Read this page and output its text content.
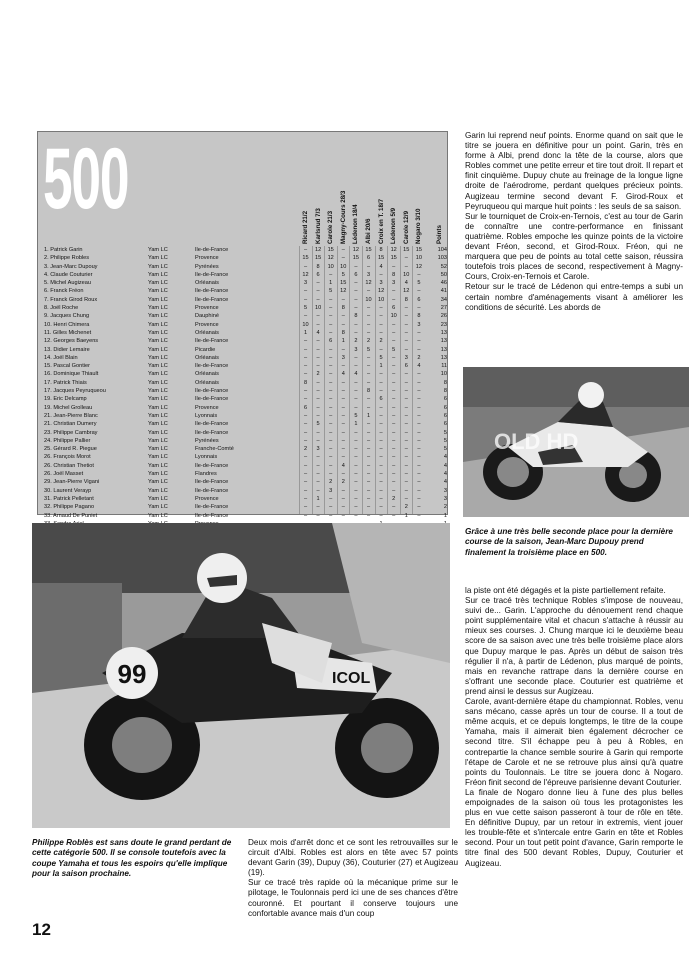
500
Ricard 21/2 Karlsrud 7/3 Carole 21/3 Magny-Cours 28/3 Lédenon 18/4 Albi 20/6 Croix en T. 18/7 Lédenon 5/9 Carole 12/9 Nogaro 3/10 Points
1. Patrick Garin	Yam LC	Ile-de-France	–	12	15	–	12	15	8	12	15	15	104
2. Philippe Robles	Yam LC	Provence	15	15	12	–	15	6	15	15	–	10	103
3. Jean-Marc Dupouy	Yam LC	Pyrénées	–	8	10	10	–	–	4	–	–	12	52
4. Claude Couturier	Yam LC	Ile-de-France	12	6	–	5	6	3	–	8	10	–	50
5. Michel Augizeau	Yam LC	Orléanais	3	–	1	15	–	12	3	3	4	5	46
6. Franck Fréon	Yam LC	Ile-de-France	–	–	5	12	–	–	12	–	12	–	41
7. Franck Girod Roux	Yam LC	Ile-de-France	–	–	–	–	–	10	10	–	8	6	34
8. Joël Roche	Yam LC	Provence	5	10	–	8	–	–	–	6	–	–	27
9. Jacques Chung	Yam LC	Dauphiné	–	–	–	–	8	–	–	10	–	8	26
10. Henri Chimera	Yam LC	Provence	10	–	–	–	–	–	–	–	–	3	23
11. Gilles Michenet	Yam LC	Orléanais	1	4	–	8	–	–	–	–	–	–	13
12. Georges Baeyens	Yam LC	Ile-de-France	–	–	6	1	2	2	2	–	–	–	13
13. Didier Lemaire	Yam LC	Picardie	–	–	–	–	3	5	–	5	–	–	13
14. Joël Blain	Yam LC	Orléanais	–	–	–	3	–	–	5	–	3	2	13
15. Pascal Gontier	Yam LC	Ile-de-France	–	–	–	–	–	–	1	–	6	4	11
16. Dominique Thiault	Yam LC	Orléanais	–	2	–	4	4	–	–	–	–	–	10
17. Patrick Thiais	Yam LC	Orléanais	8	–	–	–	–	–	–	–	–	–	8
17. Jacques Peyruqueou	Yam LC	Ile-de-France	–	–	–	–	–	8	–	–	–	–	8
19. Eric Delcamp	Yam LC	Ile-de-France	–	–	–	–	–	–	6	–	–	–	6
19. Michel Grolleau	Yam LC	Provence	6	–	–	–	–	–	–	–	–	–	6
21. Jean-Pierre Blanc	Yam LC	Lyonnais	–	–	–	–	5	1	–	–	–	–	6
21. Christian Dumery	Yam LC	Ile-de-France	–	5	–	–	1	–	–	–	–	–	6
23. Philippe Cambray	Yam LC	Ile-de-France	–	–	–	–	–	–	–	–	–	–	5
24. Philippe Pallier	Yam LC	Pyrénées	–	–	–	–	–	–	–	–	–	–	5
25. Gérard R. Piegue	Yam LC	Franche-Comté	2	3	–	–	–	–	–	–	–	–	5
26. François Morot	Yam LC	Lyonnais	–	–	–	–	–	–	–	–	–	–	4
26. Christian Thetiot	Yam LC	Ile-de-France	–	–	–	4	–	–	–	–	–	–	4
26. Joël Masset	Yam LC	Flandres	–	–	–	–	–	–	–	–	–	–	4
29. Jean-Pierre Vigani	Yam LC	Ile-de-France	–	–	2	2	–	–	–	–	–	–	4
30. Laurent Verayp	Yam LC	Ile-de-France	–	–	3	–	–	–	–	–	–	–	3
31. Patrick Pelletant	Yam LC	Provence	–	1	–	–	–	–	–	2	–	–	3
32. Philippe Pagano	Yam LC	Ile-de-France	–	–	–	–	–	–	–	–	2	–	2
33. Arnaud De Puniet	Yam LC	Ile-de-France	–	–	–	–	–	–	–	–	1	–	1

Garin lui reprend neuf points. Enorme quand on sait que le titre se jouera en définitive pour un point. Garin, très en forme à Albi, prend donc la tête de la course, alors que Robles commet une petite erreur et tire tout droit. Il repart et finit cinquième. Dupuy chute au freinage de la longue ligne droite de l'aérodrome, perdant quelques précieux points. Augizeau termine second devant F. Girod-Roux et Peyruqueou qui marque huit points : les seuls de sa saison.

Sur le tourniquet de Croix-en-Ternois, c'est au tour de Garin de connaître une contre-performance en finissant quatrième. Robles empoche les quinze points de la victoire devant Fréon, second, et Girod-Roux. Fréon, qui ne marquera que peu de points au total cette saison, réussira toutefois trois places de second, respectivement à Magny-Cours, Croix-en-Ternois et Carole.

Retour sur le tracé de Lédenon qui entre-temps a subi un certain nombre d'aménagements visant à améliorer les conditions de sécurité. Les abords de

OLD HD
Grâce à une très belle seconde place pour la dernière course de la saison, Jean-Marc Dupouy prend finalement la troisième place en 500.

la piste ont été dégagés et la piste partiellement refaite.

Sur ce tracé très technique Robles s'impose de nouveau, suivi de... Garin. L'approche du dénouement rend chaque point supplémentaire vital et chacun s'attache à réussir au mieux ses courses. J. Chung marque ici le deuxième beau score de sa saison avec une très belle troisième place alors que Dupuy marque le pas. Après un début de saison très régulier il n'a, à partir de Lédenon, plus marqué de points, mais en revanche rattrape dans la dernière course en s'offrant une seconde place. Couturier est quatrième et prend ainsi le dessus sur Augizeau.

Carole, avant-dernière étape du championnat. Robles, venu sans mécano, casse après un tour de course. Il a tout de même acquis, et ce depuis longtemps, le titre de la coupe Yamaha, mais il aimerait bien également décrocher ce second titre. S'il échappe peu à peu à Robles, en contrepartie la chance semble sourire à Garin qui remporte l'étape de Carole et ne se retrouve plus ainsi qu'à quatre points du Toulonnais. Le titre se jouera donc à Nogaro. Fréon finit second de l'épreuve parisienne devant Couturier.

La finale de Nogaro donne lieu à l'une des plus belles empoignades de la saison où tous les protagonistes les plus en vue cette saison passeront à tour de rôle en tête. En définitive Dupuy, par un retour in extremis, vient jouer les trouble-fête et s'intercale entre Garin en tête et Robles second. Pour un tout petit point d'avance, Garin remporte le titre final des 500 devant Robles, Dupuy, Couturier et Augizeau.

99	ICOL
Philippe Roblès est sans doute le grand perdant de cette catégorie 500. Il se console toutefois avec la coupe Yamaha et tous les espoirs qu'elle implique pour la saison prochaine.

Deux mois d'arrêt donc et ce sont les retrouvailles sur le circuit d'Albi. Robles est alors en tête avec 57 points devant Garin (39), Dupuy (36), Couturier (27) et Augizeau (19).

Sur ce tracé très rapide où la mécanique prime sur le pilotage, le Toulonnais perd ici une de ses chances d'être couronné. Et pourtant il conserve toujours une confortable avance mais d'un coup

12
